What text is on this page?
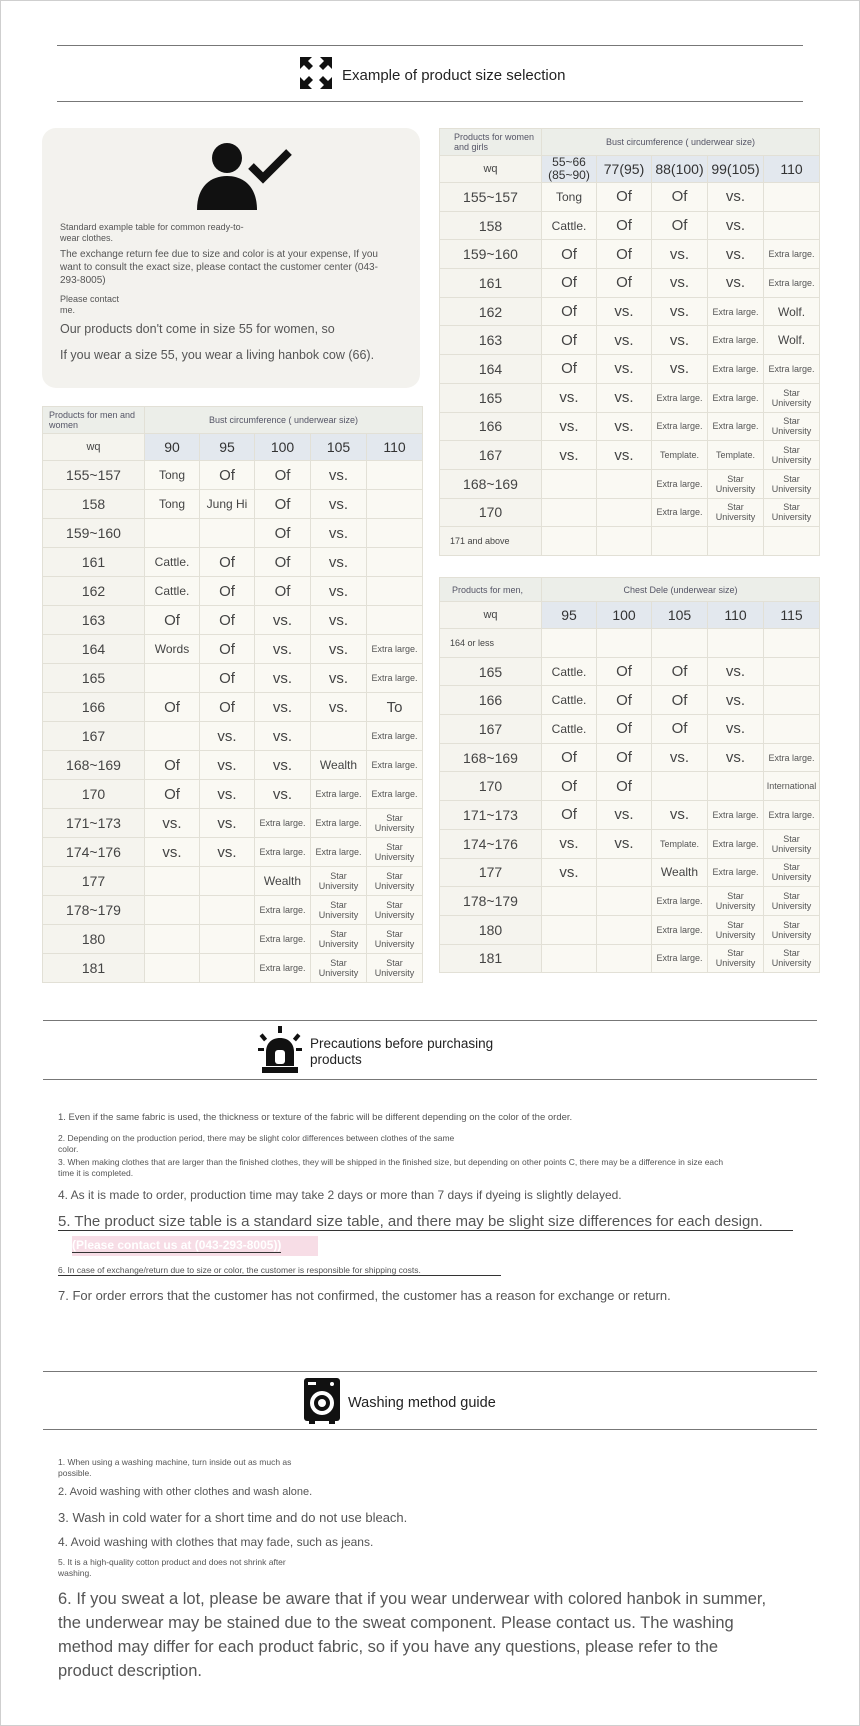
Example of product size selection
Standard example table for common ready-to-
wear clothes.
The exchange return fee due to size and color is at your expense, If you
want to consult the exact size, please contact the customer center (043-
293-8005)
Please contact
me.
Our products don't come in size 55 for women, so
If you wear a size 55, you wear a living hanbok cow (66).
Products for men and women	Bust circumference ( underwear size)				
wq	90	95	100	105	110
155~157	Tong	Of	Of	vs.	
158	Tong	Jung Hi	Of	vs.	
159~160			Of	vs.	
161	Cattle.	Of	Of	vs.	
162	Cattle.	Of	Of	vs.	
163	Of	Of	vs.	vs.	
164	Words	Of	vs.	vs.	Extra large.
165		Of	vs.	vs.	Extra large.
166	Of	Of	vs.	vs.	To
167		vs.	vs.		Extra large.
168~169	Of	vs.	vs.	Wealth	Extra large.
170	Of	vs.	vs.	Extra large.	Extra large.
171~173	vs.	vs.	Extra large.	Extra large.	Star University
174~176	vs.	vs.	Extra large.	Extra large.	Star University
177			Wealth	Star University	Star University
178~179			Extra large.	Star University	Star University
180			Extra large.	Star University	Star University
181			Extra large.	Star University	Star University
Products for women and girls	Bust circumference ( underwear size)				
wq	55~66 (85~90)	77(95)	88(100)	99(105)	110
155~157	Tong	Of	Of	vs.	
158	Cattle.	Of	Of	vs.	
159~160	Of	Of	vs.	vs.	Extra large.
161	Of	Of	vs.	vs.	Extra large.
162	Of	vs.	vs.	Extra large.	Wolf.
163	Of	vs.	vs.	Extra large.	Wolf.
164	Of	vs.	vs.	Extra large.	Extra large.
165	vs.	vs.	Extra large.	Extra large.	Star University
166	vs.	vs.	Extra large.	Extra large.	Star University
167	vs.	vs.	Template.	Template.	Star University
168~169			Extra large.	Star University	Star University
170			Extra large.	Star University	Star University
171 and above					
Products for men,	Chest Dele (underwear size)				
wq	95	100	105	110	115
164 or less					
165	Cattle.	Of	Of	vs.	
166	Cattle.	Of	Of	vs.	
167	Cattle.	Of	Of	vs.	
168~169	Of	Of	vs.	vs.	Extra large.
170	Of	Of			International
171~173	Of	vs.	vs.	Extra large.	Extra large.
174~176	vs.	vs.	Template.	Extra large.	Star University
177	vs.		Wealth	Extra large.	Star University
178~179			Extra large.	Star University	Star University
180			Extra large.	Star University	Star University
181			Extra large.	Star University	Star University
Precautions before purchasing
products
1. Even if the same fabric is used, the thickness or texture of the fabric will be different depending on the color of the order.
2. Depending on the production period, there may be slight color differences between clothes of the same
color.
3. When making clothes that are larger than the finished clothes, they will be shipped in the finished size, but depending on other points C, there may be a difference in size each
time it is completed.
4. As it is made to order, production time may take 2 days or more than 7 days if dyeing is slightly delayed.
5. The product size table is a standard size table, and there may be slight size differences for each design.
(Please contact us at (043-293-8005))
6. In case of exchange/return due to size or color, the customer is responsible for shipping costs.
7. For order errors that the customer has not confirmed, the customer has a reason for exchange or return.
Washing method guide
1. When using a washing machine, turn inside out as much as
possible.
2. Avoid washing with other clothes and wash alone.
3. Wash in cold water for a short time and do not use bleach.
4. Avoid washing with clothes that may fade, such as jeans.
5. It is a high-quality cotton product and does not shrink after
washing.
6. If you sweat a lot, please be aware that if you wear underwear with colored hanbok in summer,
the underwear may be stained due to the sweat component. Please contact us. The washing
method may differ for each product fabric, so if you have any questions, please refer to the
product description.
